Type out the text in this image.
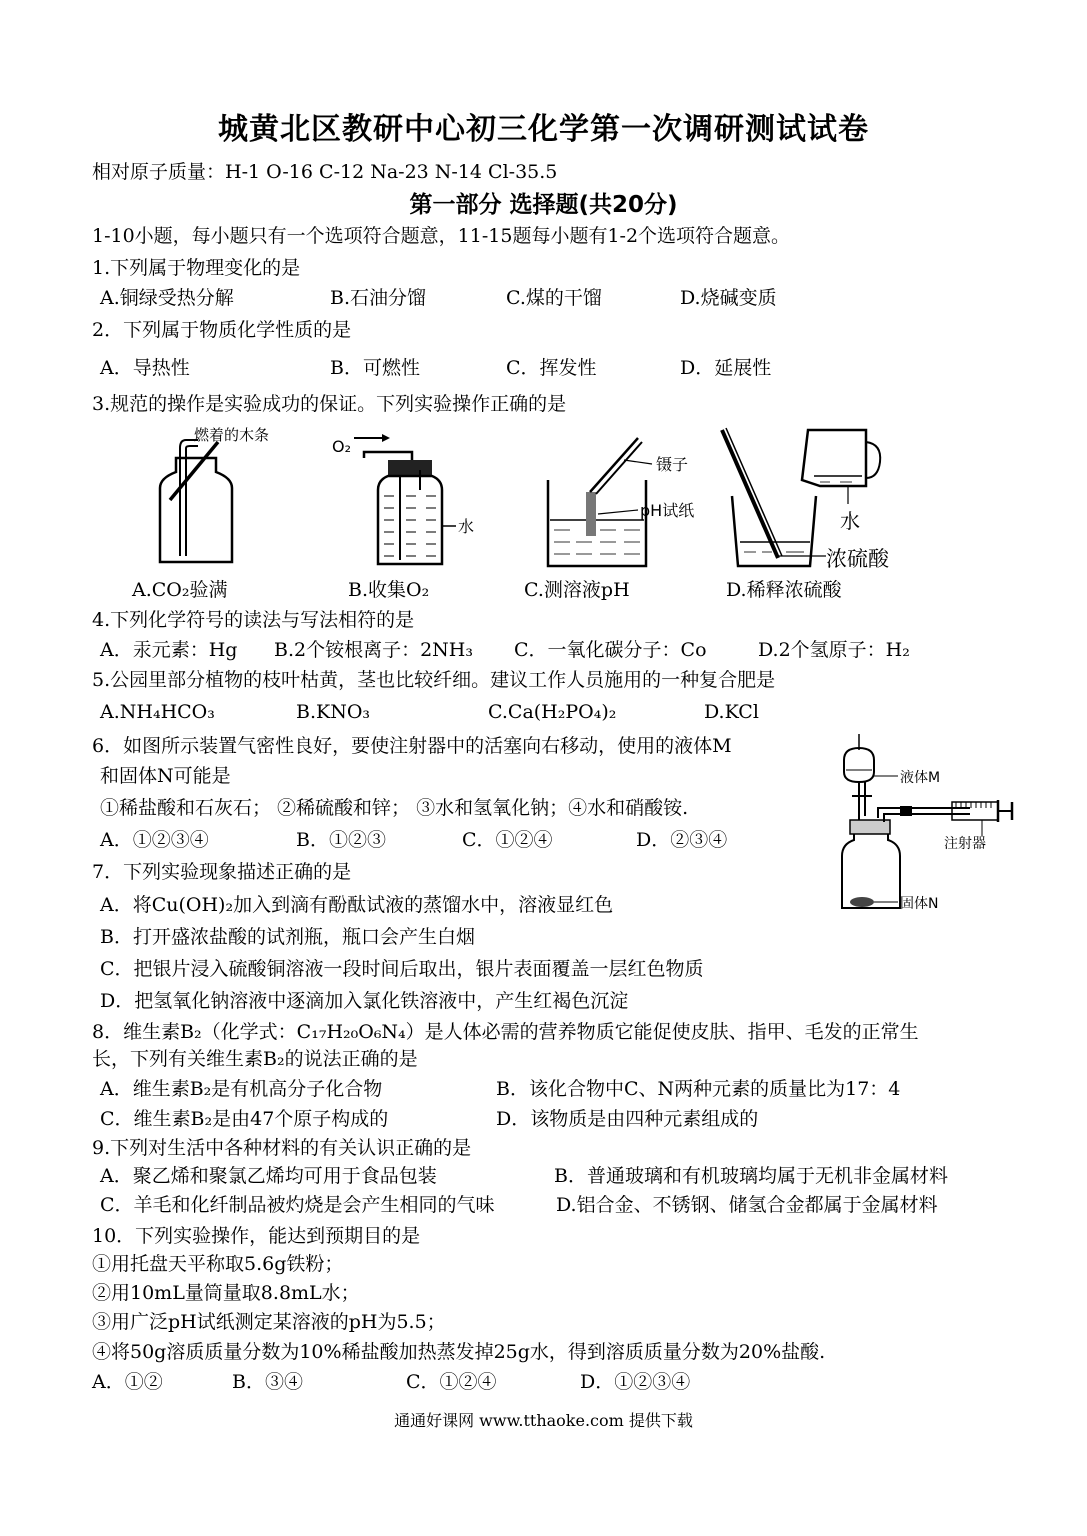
城黄北区教研中心初三化学第一次调研测试试卷
相对原子质量：H-1 O-16 C-12 Na-23 N-14 Cl-35.5
第一部分 选择题(共20分)
1-10小题，每小题只有一个选项符合题意，11-15题每小题有1-2个选项符合题意。
1.下列属于物理变化的是
A.铜绿受热分解	B.石油分馏	C.煤的干馏	D.烧碱变质
2．下列属于物质化学性质的是
A．导热性	B．可燃性	C．挥发性	D．延展性
3.规范的操作是实验成功的保证。下列实验操作正确的是
燃着的木条
O₂
水
镊子
pH试纸	水
浓硫酸
A.CO₂验满	B.收集O₂	C.测溶液pH	D.稀释浓硫酸
4.下列化学符号的读法与写法相符的是
A．汞元素：Hg B.2个铵根离子：2NH₃ C．一氧化碳分子：Co	D.2个氢原子：H₂
5.公园里部分植物的枝叶枯黄，茎也比较纤细。建议工作人员施用的一种复合肥是
A.NH₄HCO₃	B.KNO₃	C.Ca(H₂PO₄)₂	D.KCl
6．如图所示装置气密性良好，要使注射器中的活塞向右移动，使用的液体M
和固体N可能是
①稀盐酸和石灰石； ②稀硫酸和锌； ③水和氢氧化钠；④水和硝酸铵.
A．①②③④	B．①②③	C．①②④	D．②③④
液体M
注射器
固体N
7．下列实验现象描述正确的是
A．将Cu(OH)₂加入到滴有酚酞试液的蒸馏水中，溶液显红色
B．打开盛浓盐酸的试剂瓶，瓶口会产生白烟
C．把银片浸入硫酸铜溶液一段时间后取出，银片表面覆盖一层红色物质
D．把氢氧化钠溶液中逐滴加入氯化铁溶液中，产生红褐色沉淀
8．维生素B₂（化学式：C₁₇H₂₀O₆N₄）是人体必需的营养物质它能促使皮肤、指甲、毛发的正常生
长，下列有关维生素B₂的说法正确的是
A．维生素B₂是有机高分子化合物	B．该化合物中C、N两种元素的质量比为17：4
C．维生素B₂是由47个原子构成的	D．该物质是由四种元素组成的
9.下列对生活中各种材料的有关认识正确的是
A．聚乙烯和聚氯乙烯均可用于食品包装	B．普通玻璃和有机玻璃均属于无机非金属材料
C．羊毛和化纤制品被灼烧是会产生相同的气味	D.铝合金、不锈钢、储氢合金都属于金属材料
10．下列实验操作，能达到预期目的是
①用托盘天平称取5.6g铁粉；
②用10mL量筒量取8.8mL水；
③用广泛pH试纸测定某溶液的pH为5.5；
④将50g溶质质量分数为10%稀盐酸加热蒸发掉25g水，得到溶质质量分数为20%盐酸.
A．①②	B．③④	C．①②④	D．①②③④
通通好课网 www.tthaoke.com 提供下载
